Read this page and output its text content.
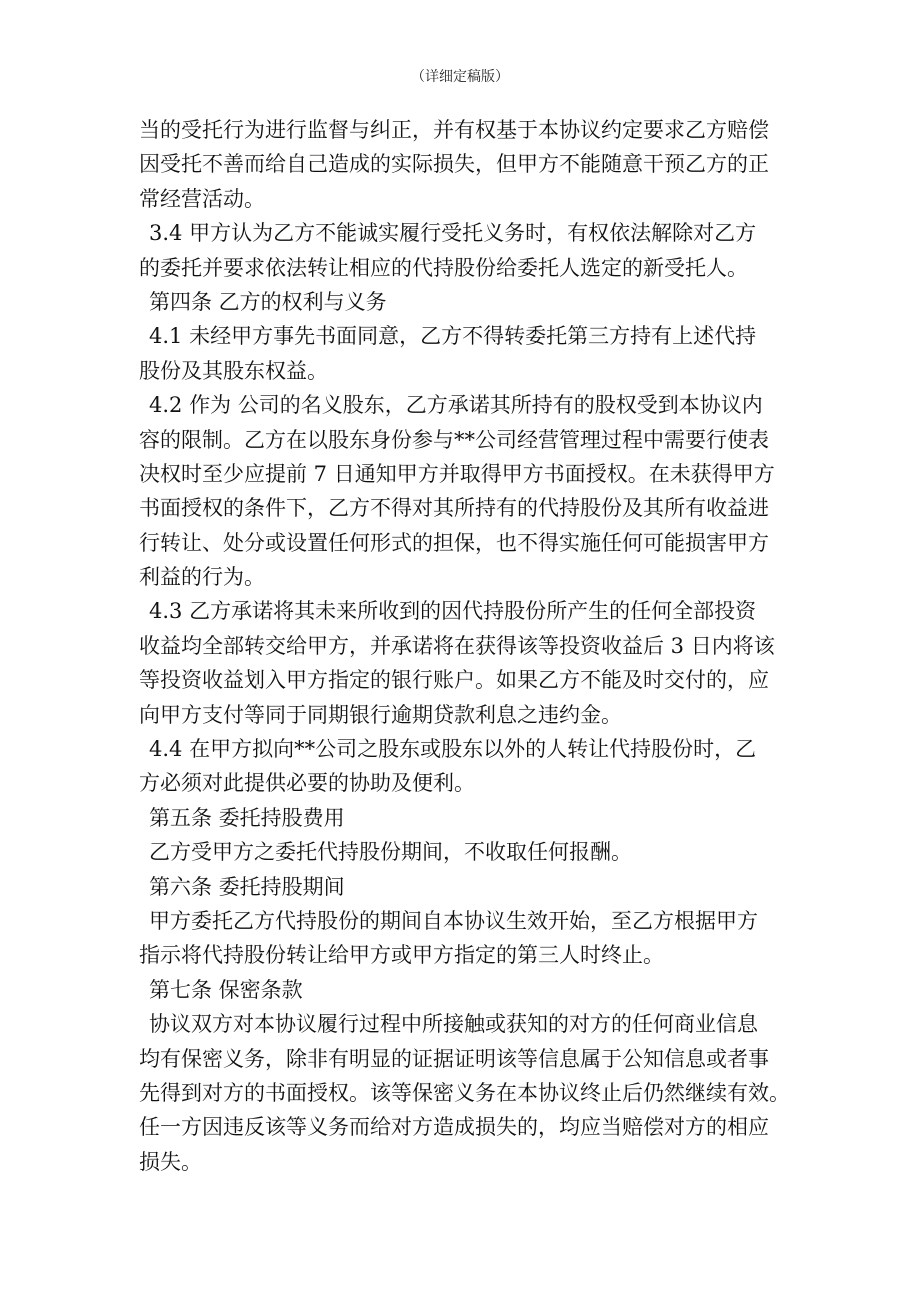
（详细定稿版）
当的受托行为进行监督与纠正，并有权基于本协议约定要求乙方赔偿
因受托不善而给自己造成的实际损失，但甲方不能随意干预乙方的正
常经营活动。
3.4 甲方认为乙方不能诚实履行受托义务时，有权依法解除对乙方
的委托并要求依法转让相应的代持股份给委托人选定的新受托人。
第四条 乙方的权利与义务
4.1 未经甲方事先书面同意，乙方不得转委托第三方持有上述代持
股份及其股东权益。
4.2 作为 公司的名义股东，乙方承诺其所持有的股权受到本协议内
容的限制。乙方在以股东身份参与**公司经营管理过程中需要行使表
决权时至少应提前 7 日通知甲方并取得甲方书面授权。在未获得甲方
书面授权的条件下，乙方不得对其所持有的代持股份及其所有收益进
行转让、处分或设置任何形式的担保，也不得实施任何可能损害甲方
利益的行为。
4.3 乙方承诺将其未来所收到的因代持股份所产生的任何全部投资
收益均全部转交给甲方，并承诺将在获得该等投资收益后 3 日内将该
等投资收益划入甲方指定的银行账户。如果乙方不能及时交付的，应
向甲方支付等同于同期银行逾期贷款利息之违约金。
4.4 在甲方拟向**公司之股东或股东以外的人转让代持股份时，乙
方必须对此提供必要的协助及便利。
第五条 委托持股费用
乙方受甲方之委托代持股份期间，不收取任何报酬。
第六条 委托持股期间
甲方委托乙方代持股份的期间自本协议生效开始，至乙方根据甲方
指示将代持股份转让给甲方或甲方指定的第三人时终止。
第七条 保密条款
协议双方对本协议履行过程中所接触或获知的对方的任何商业信息
均有保密义务，除非有明显的证据证明该等信息属于公知信息或者事
先得到对方的书面授权。该等保密义务在本协议终止后仍然继续有效。
任一方因违反该等义务而给对方造成损失的，均应当赔偿对方的相应
损失。
